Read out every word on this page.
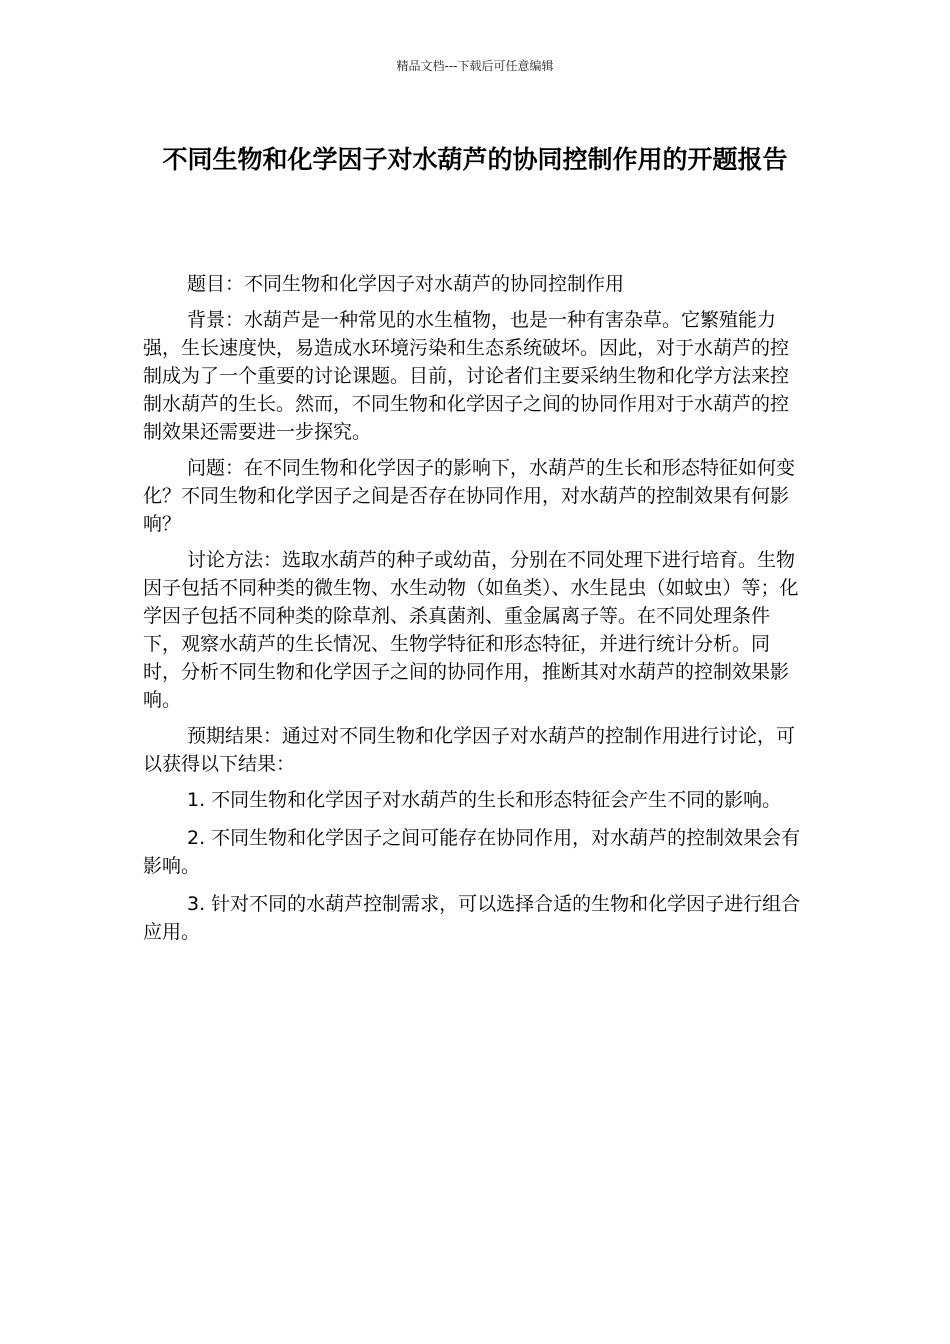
精品文档---下载后可任意编辑
不同生物和化学因子对水葫芦的协同控制作用的开题报告

题目：不同生物和化学因子对水葫芦的协同控制作用

背景：水葫芦是一种常见的水生植物，也是一种有害杂草。它繁殖能力强，生长速度快，易造成水环境污染和生态系统破坏。因此，对于水葫芦的控制成为了一个重要的讨论课题。目前，讨论者们主要采纳生物和化学方法来控制水葫芦的生长。然而，不同生物和化学因子之间的协同作用对于水葫芦的控制效果还需要进一步探究。

问题：在不同生物和化学因子的影响下，水葫芦的生长和形态特征如何变化？不同生物和化学因子之间是否存在协同作用，对水葫芦的控制效果有何影响？

讨论方法：选取水葫芦的种子或幼苗，分别在不同处理下进行培育。生物因子包括不同种类的微生物、水生动物（如鱼类）、水生昆虫（如蚊虫）等；化学因子包括不同种类的除草剂、杀真菌剂、重金属离子等。在不同处理条件下，观察水葫芦的生长情况、生物学特征和形态特征，并进行统计分析。同时，分析不同生物和化学因子之间的协同作用，推断其对水葫芦的控制效果影响。

预期结果：通过对不同生物和化学因子对水葫芦的控制作用进行讨论，可以获得以下结果：

1. 不同生物和化学因子对水葫芦的生长和形态特征会产生不同的影响。

2. 不同生物和化学因子之间可能存在协同作用，对水葫芦的控制效果会有影响。

3. 针对不同的水葫芦控制需求，可以选择合适的生物和化学因子进行组合应用。
